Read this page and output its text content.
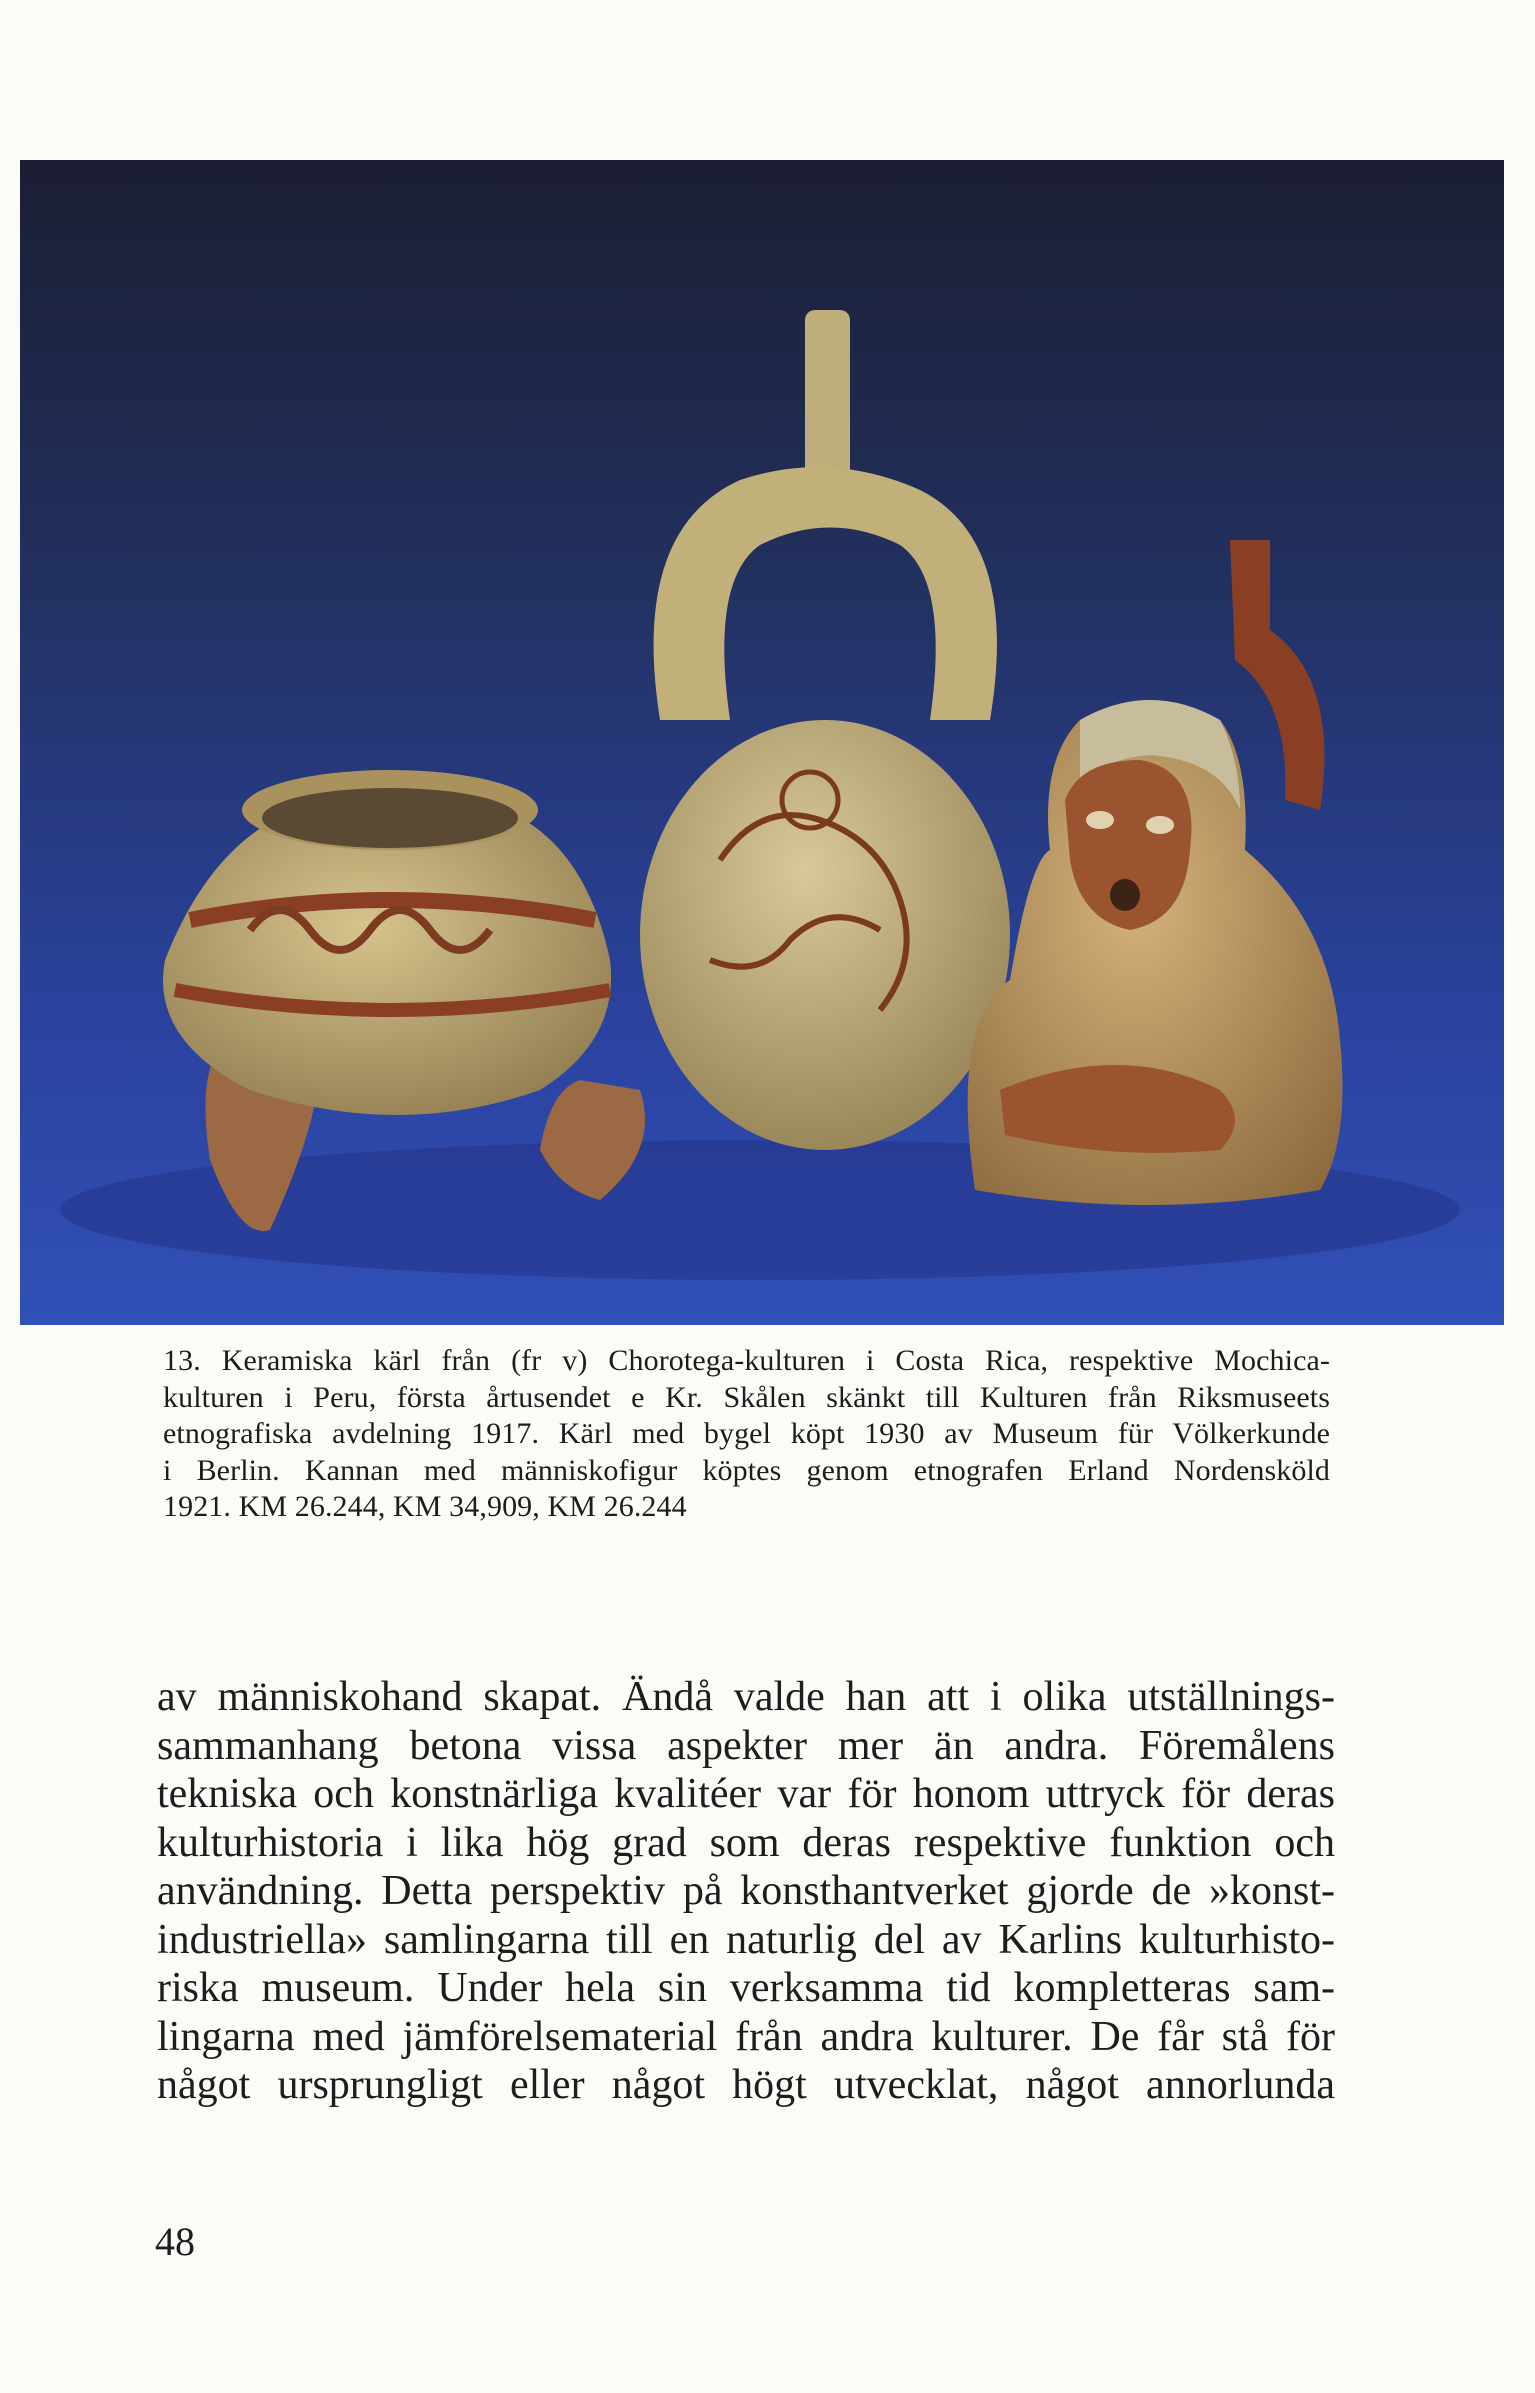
13. Keramiska kärl från (fr v) Chorotega-kulturen i Costa Rica, respektive Mochica-
kulturen i Peru, första årtusendet e Kr. Skålen skänkt till Kulturen från Riksmuseets
etnografiska avdelning 1917. Kärl med bygel köpt 1930 av Museum für Völkerkunde
i Berlin. Kannan med människofigur köptes genom etnografen Erland Nordensköld
1921. KM 26.244, KM 34,909, KM 26.244
av människohand skapat. Ändå valde han att i olika utställnings-
sammanhang betona vissa aspekter mer än andra. Föremålens
tekniska och konstnärliga kvalitéer var för honom uttryck för deras
kulturhistoria i lika hög grad som deras respektive funktion och
användning. Detta perspektiv på konsthantverket gjorde de »konst-
industriella» samlingarna till en naturlig del av Karlins kulturhisto-
riska museum. Under hela sin verksamma tid kompletteras sam-
lingarna med jämförelsematerial från andra kulturer. De får stå för
något ursprungligt eller något högt utvecklat, något annorlunda
48
